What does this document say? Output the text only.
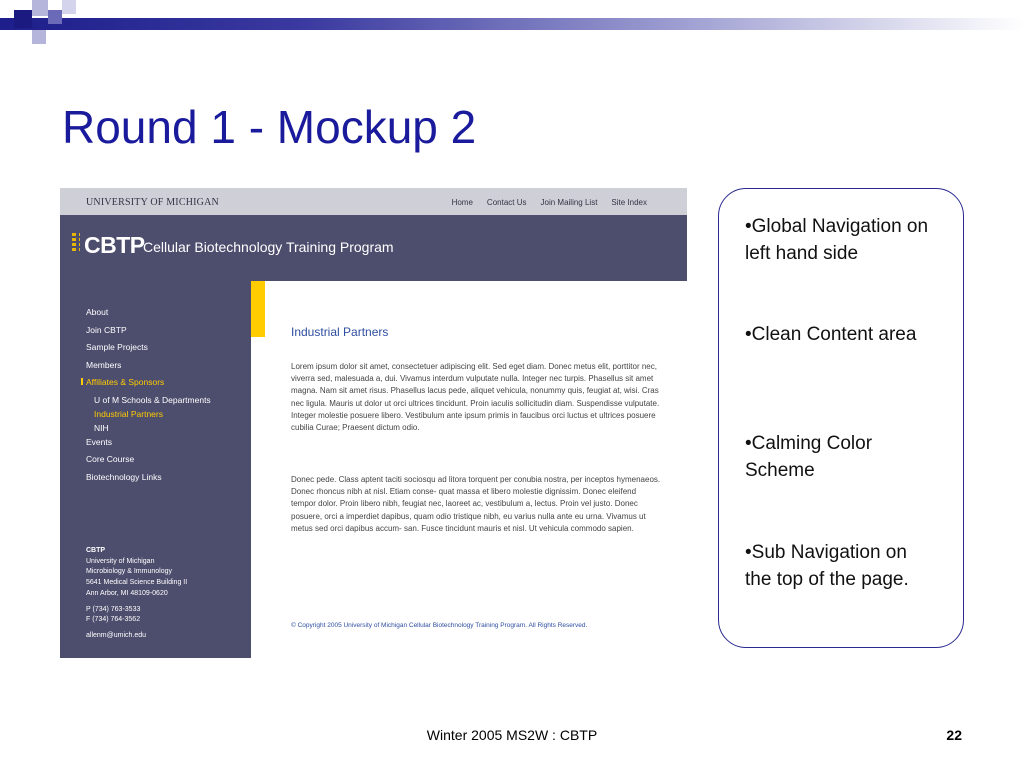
Round 1 - Mockup 2
UNIVERSITY OF MICHIGAN	Home Contact Us Join Mailing List Site Index
CBTP
Cellular Biotechnology Training Program
About
Join CBTP
Sample Projects
Members
Affiliates & Sponsors
U of M Schools & Departments
Industrial Partners
NIH
Events
Core Course
Biotechnology Links
CBTP
University of Michigan
Microbiology & Immunology
5641 Medical Science Building II
Ann Arbor, MI 48109-0620
P (734) 763-3533
F (734) 764-3562
allenm@umich.edu
Industrial Partners

Lorem ipsum dolor sit amet, consectetuer adipiscing elit. Sed eget diam. Donec metus elit, porttitor nec, viverra sed, malesuada a, dui. Vivamus interdum vulputate nulla. Integer nec turpis. Phasellus sit amet magna. Nam sit amet risus. Phasellus lacus pede, aliquet vehicula, nonummy quis, feugiat at, wisi. Cras nec ligula. Mauris ut dolor ut orci ultrices tincidunt. Proin iaculis sollicitudin diam. Suspendisse vulputate. Integer molestie posuere libero. Vestibulum ante ipsum primis in faucibus orci luctus et ultrices posuere cubilia Curae; Praesent dictum odio.

Donec pede. Class aptent taciti sociosqu ad litora torquent per conubia nostra, per inceptos hymenaeos. Donec rhoncus nibh at nisl. Etiam conse- quat massa et libero molestie dignissim. Donec eleifend tempor dolor. Proin libero nibh, feugiat nec, laoreet ac, vestibulum a, lectus. Proin vel justo. Donec posuere, orci a imperdiet dapibus, quam odio tristique nibh, eu varius nulla ante eu urna. Vivamus ut metus sed orci dapibus accum- san. Fusce tincidunt mauris et nisl. Ut vehicula commodo sapien.

© Copyright 2005 University of Michigan Cellular Biotechnology Training Program. All Rights Reserved.
•Global Navigation on left hand side
•Clean Content area
•Calming Color Scheme
•Sub Navigation on the top of the page.
Winter 2005 MS2W : CBTP	22
